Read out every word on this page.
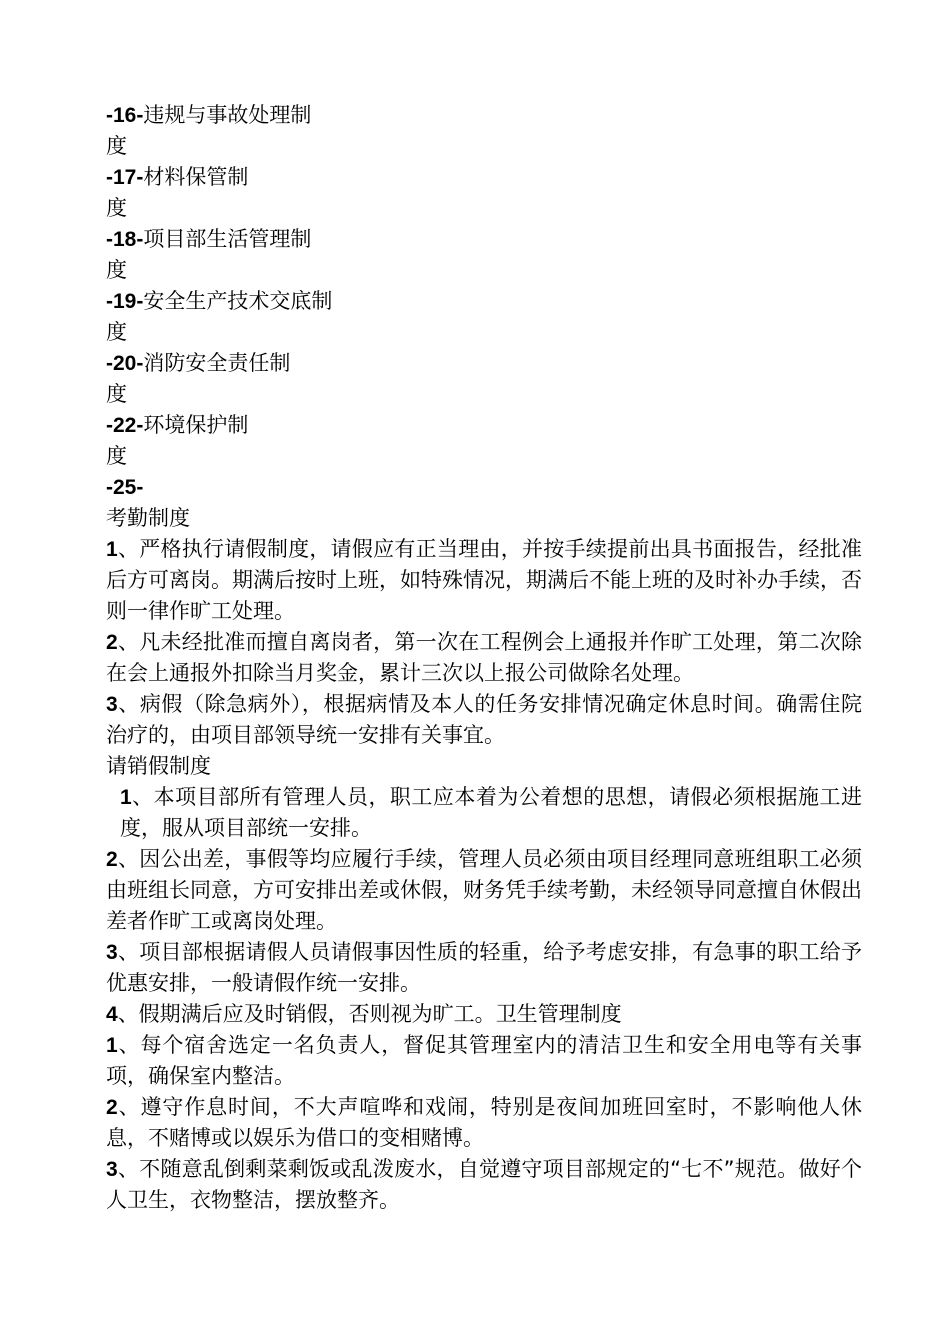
-16-违规与事故处理制
度
-17-材料保管制
度
-18-项目部生活管理制
度
-19-安全生产技术交底制
度
-20-消防安全责任制
度
-22-环境保护制
度
-25-
考勤制度
1、严格执行请假制度，请假应有正当理由，并按手续提前出具书面报告，经批准后方可离岗。期满后按时上班，如特殊情况，期满后不能上班的及时补办手续，否则一律作旷工处理。
2、凡未经批准而擅自离岗者，第一次在工程例会上通报并作旷工处理，第二次除在会上通报外扣除当月奖金，累计三次以上报公司做除名处理。
3、病假（除急病外），根据病情及本人的任务安排情况确定休息时间。确需住院治疗的，由项目部领导统一安排有关事宜。
请销假制度
1、本项目部所有管理人员，职工应本着为公着想的思想，请假必须根据施工进度，服从项目部统一安排。
2、因公出差，事假等均应履行手续，管理人员必须由项目经理同意班组职工必须由班组长同意，方可安排出差或休假，财务凭手续考勤，未经领导同意擅自休假出差者作旷工或离岗处理。
3、项目部根据请假人员请假事因性质的轻重，给予考虑安排，有急事的职工给予优惠安排，一般请假作统一安排。
4、假期满后应及时销假，否则视为旷工。卫生管理制度
1、每个宿舍选定一名负责人，督促其管理室内的清洁卫生和安全用电等有关事项，确保室内整洁。
2、遵守作息时间，不大声喧哗和戏闹，特别是夜间加班回室时，不影响他人休息，不赌博或以娱乐为借口的变相赌博。
3、不随意乱倒剩菜剩饭或乱泼废水，自觉遵守项目部规定的“七不”规范。做好个人卫生，衣物整洁，摆放整齐。
